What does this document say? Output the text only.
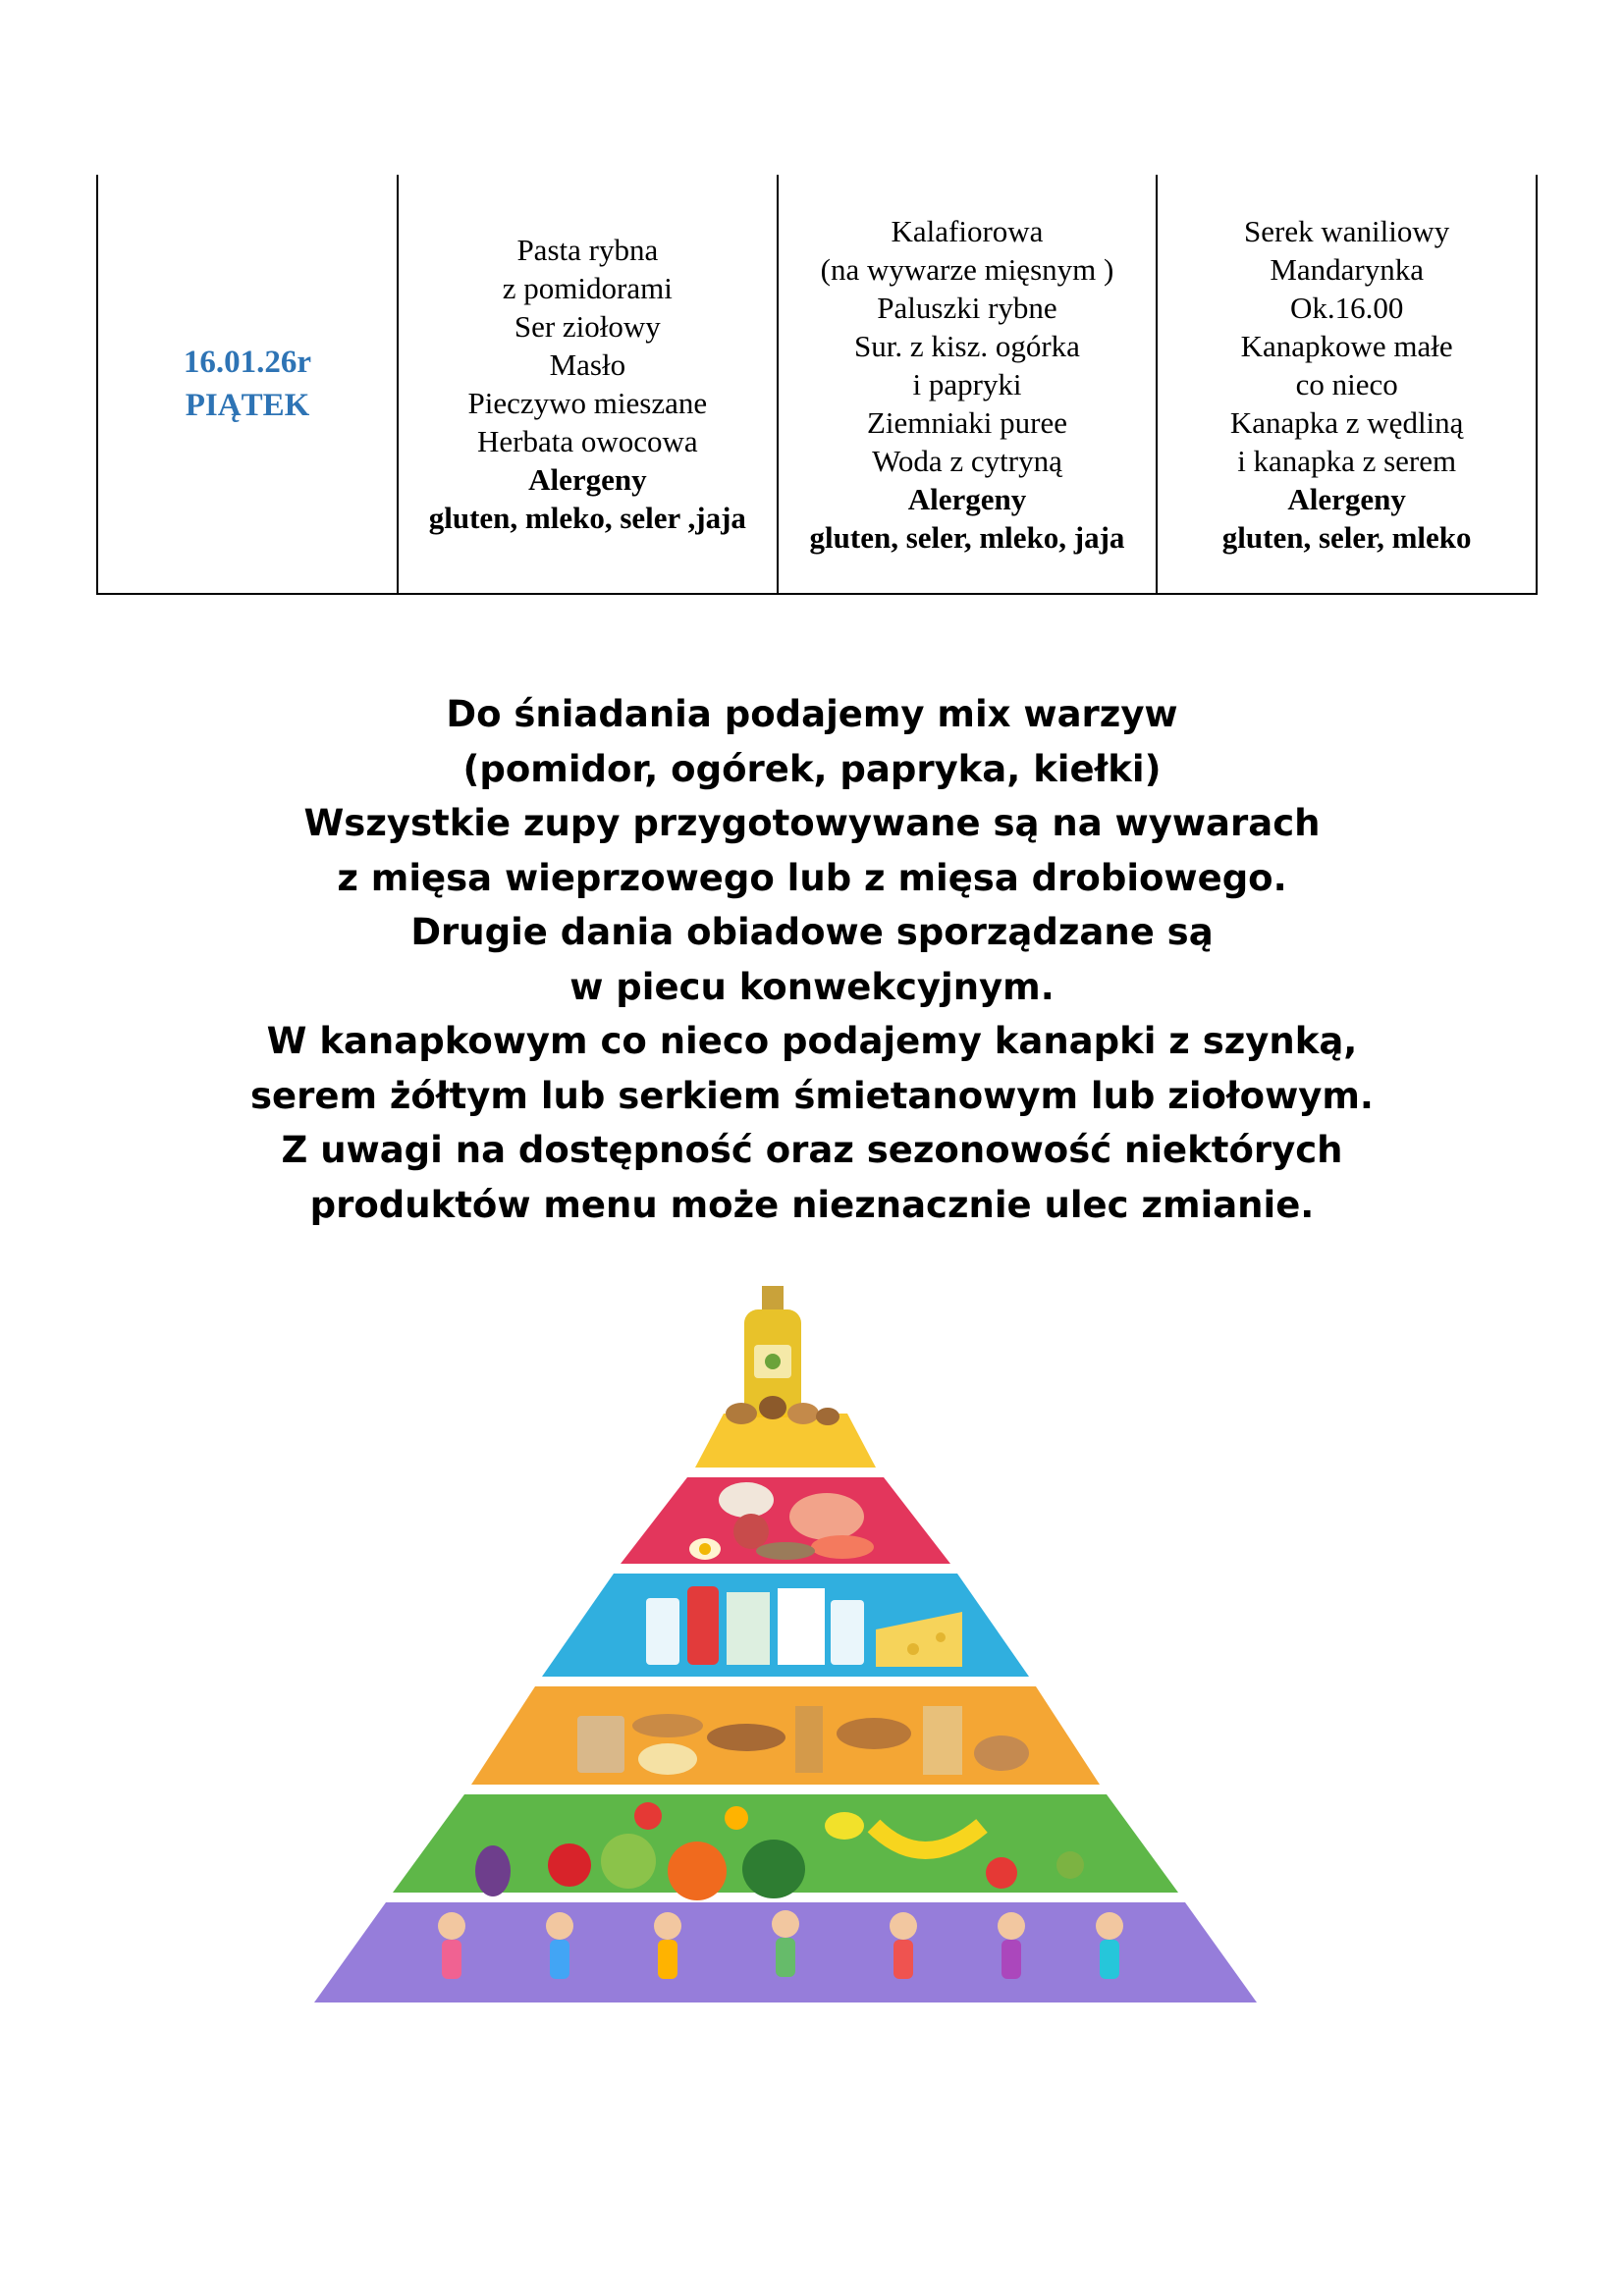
16.01.26r
PIĄTEK

Pasta rybna
z pomidorami
Ser ziołowy
Masło
Pieczywo mieszane
Herbata owocowa
Alergeny
gluten, mleko, seler ,jaja

Kalafiorowa
(na wywarze mięsnym )
Paluszki rybne
Sur. z kisz. ogórka
i papryki
Ziemniaki puree
Woda z cytryną
Alergeny
gluten, seler, mleko, jaja

Serek waniliowy
Mandarynka
Ok.16.00
Kanapkowe małe
co nieco
Kanapka z wędliną
i kanapka z serem
Alergeny
gluten, seler, mleko
Do śniadania podajemy mix warzyw
(pomidor, ogórek, papryka, kiełki)
Wszystkie zupy przygotowywane są na wywarach
z mięsa wieprzowego lub z mięsa drobiowego.
Drugie dania obiadowe sporządzane są
w piecu konwekcyjnym.
W kanapkowym co nieco podajemy kanapki z szynką,
serem żółtym lub serkiem śmietanowym lub ziołowym.
Z uwagi na dostępność oraz sezonowość niektórych
produktów menu może nieznacznie ulec zmianie.
